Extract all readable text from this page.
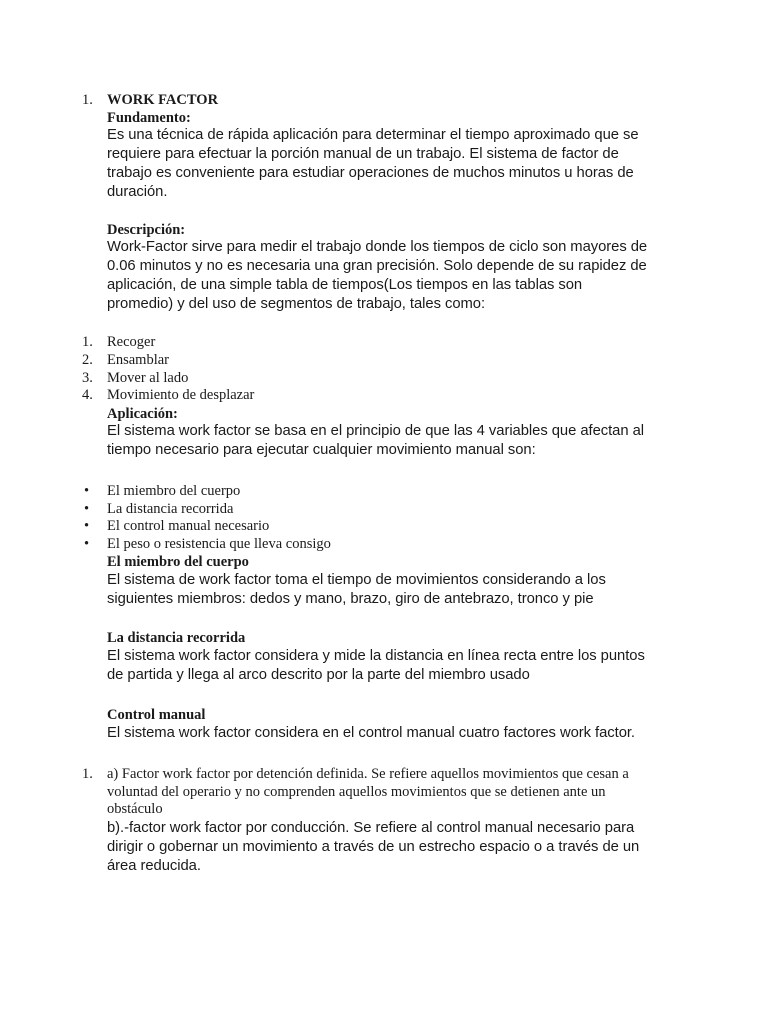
1. WORK FACTOR
Fundamento:
Es una técnica de rápida aplicación para determinar el tiempo aproximado que se
requiere para efectuar la porción manual de un trabajo. El sistema de factor de
trabajo es conveniente para estudiar operaciones de muchos minutos u horas de
duración.
Descripción:
Work-Factor sirve para medir el trabajo donde los tiempos de ciclo son mayores de
0.06 minutos y no es necesaria una gran precisión. Solo depende de su rapidez de
aplicación, de una simple tabla de tiempos(Los tiempos en las tablas son
promedio) y del uso de segmentos de trabajo, tales como:
1. Recoger
2. Ensamblar
3. Mover al lado
4. Movimiento de desplazar
Aplicación:
El sistema work factor se basa en el principio de que las 4 variables que afectan al
tiempo necesario para ejecutar cualquier movimiento manual son:
• El miembro del cuerpo
• La distancia recorrida
• El control manual necesario
• El peso o resistencia que lleva consigo
El miembro del cuerpo
El sistema de work factor toma el tiempo de movimientos considerando a los
siguientes miembros: dedos y mano, brazo, giro de antebrazo, tronco y pie
La distancia recorrida
El sistema work factor considera y mide la distancia en línea recta entre los puntos
de partida y llega al arco descrito por la parte del miembro usado
Control manual
El sistema work factor considera en el control manual cuatro factores work factor.
1. a) Factor work factor por detención definida. Se refiere aquellos movimientos que cesan a
voluntad del operario y no comprenden aquellos movimientos que se detienen ante un
obstáculo
b).-factor work factor por conducción. Se refiere al control manual necesario para
dirigir o gobernar un movimiento a través de un estrecho espacio o a través de un
área reducida.
